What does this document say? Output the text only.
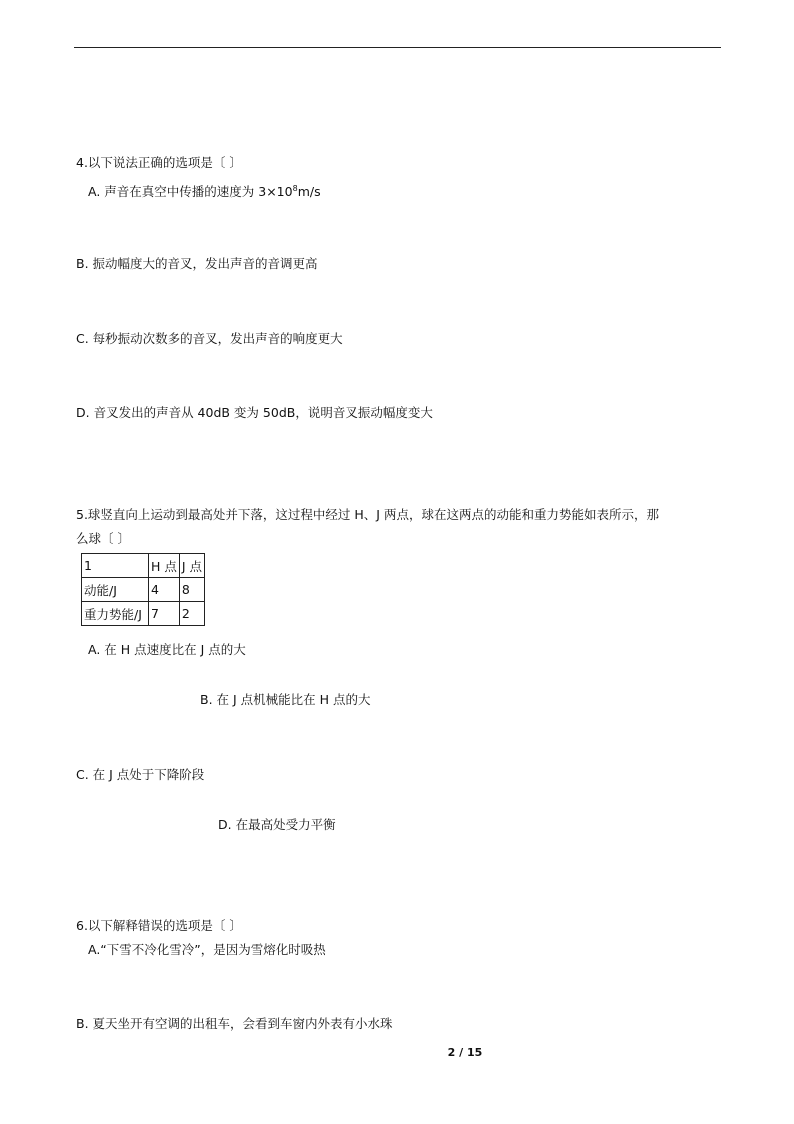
4.以下说法正确的选项是〔 〕
A. 声音在真空中传播的速度为 $3\times 10^8m/s$
B. 振动幅度大的音叉，发出声音的音调更高
C. 每秒振动次数多的音叉，发出声音的响度更大
D. 音叉发出的声音从 40dB 变为 50dB，说明音叉振动幅度变大
5.球竖直向上运动到最高处并下落，这过程中经过 H、J 两点，球在这两点的动能和重力势能如表所示，那
么球〔 〕
1	H 点	J 点
动能/J	4	8
重力势能/J	7	2
A. 在 H 点速度比在 J 点的大
B. 在 J 点机械能比在 H 点的大
C. 在 J 点处于下降阶段
D. 在最高处受力平衡
6.以下解释错误的选项是〔 〕
A.“下雪不冷化雪冷”，是因为雪熔化时吸热
B. 夏天坐开有空调的出租车，会看到车窗内外表有小水珠
2 / 15
